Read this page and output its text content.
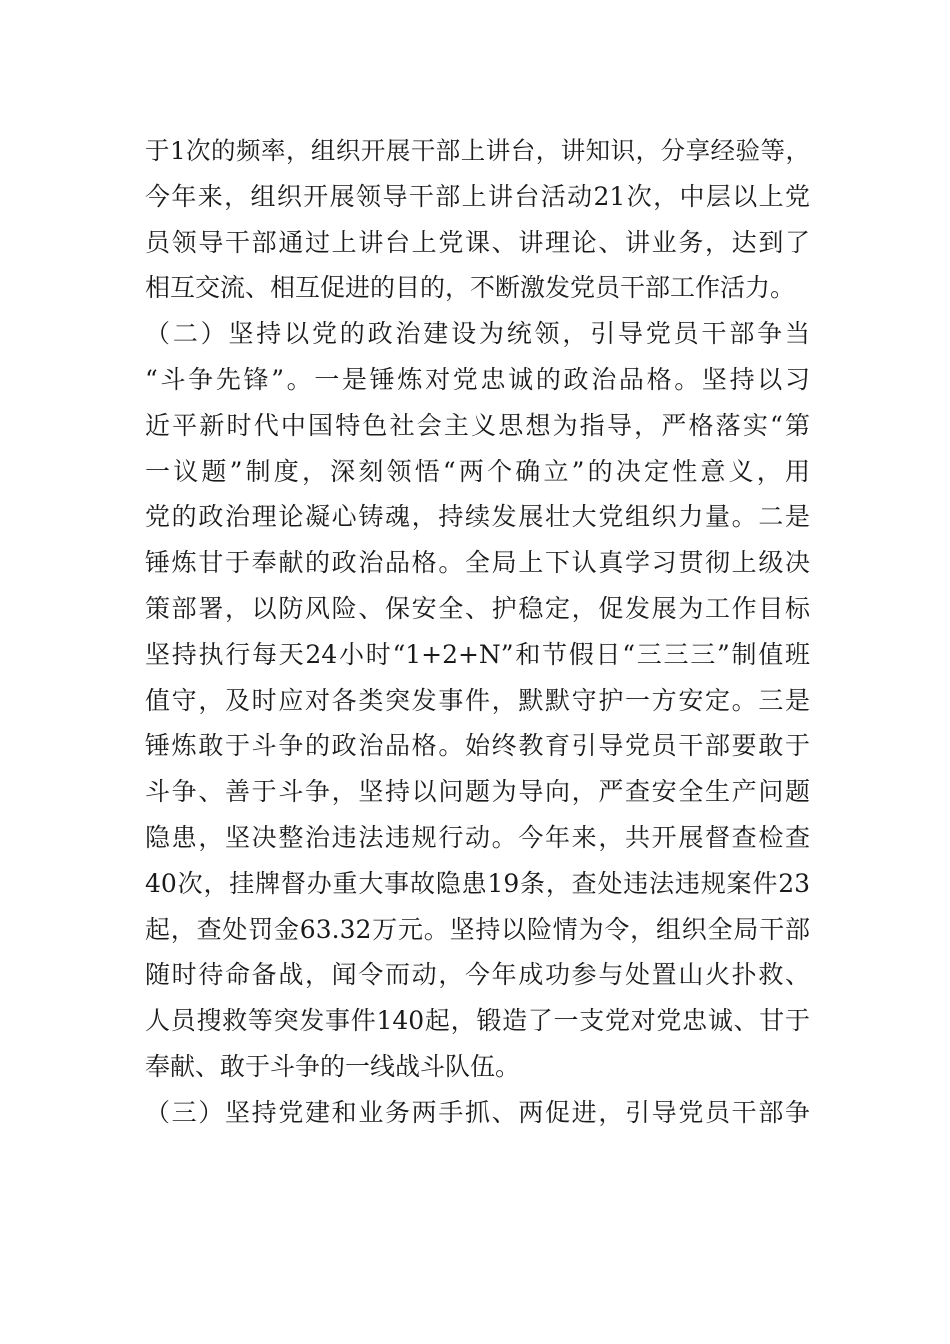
于1次的频率，组织开展干部上讲台，讲知识，分享经验等，
今年来，组织开展领导干部上讲台活动21次，中层以上党
员领导干部通过上讲台上党课、讲理论、讲业务，达到了
相互交流、相互促进的目的，不断激发党员干部工作活力。
（二）坚持以党的政治建设为统领，引导党员干部争当
“斗争先锋”。一是锤炼对党忠诚的政治品格。坚持以习
近平新时代中国特色社会主义思想为指导，严格落实“第
一议题”制度，深刻领悟“两个确立”的决定性意义，用
党的政治理论凝心铸魂，持续发展壮大党组织力量。二是
锤炼甘于奉献的政治品格。全局上下认真学习贯彻上级决
策部署，以防风险、保安全、护稳定，促发展为工作目标
坚持执行每天24小时“1+2+N”和节假日“三三三”制值班
值守，及时应对各类突发事件，默默守护一方安定。三是
锤炼敢于斗争的政治品格。始终教育引导党员干部要敢于
斗争、善于斗争，坚持以问题为导向，严查安全生产问题
隐患，坚决整治违法违规行动。今年来，共开展督查检查
40次，挂牌督办重大事故隐患19条，查处违法违规案件23
起，查处罚金63.32万元。坚持以险情为令，组织全局干部
随时待命备战，闻令而动，今年成功参与处置山火扑救、
人员搜救等突发事件140起，锻造了一支党对党忠诚、甘于
奉献、敢于斗争的一线战斗队伍。
（三）坚持党建和业务两手抓、两促进，引导党员干部争
